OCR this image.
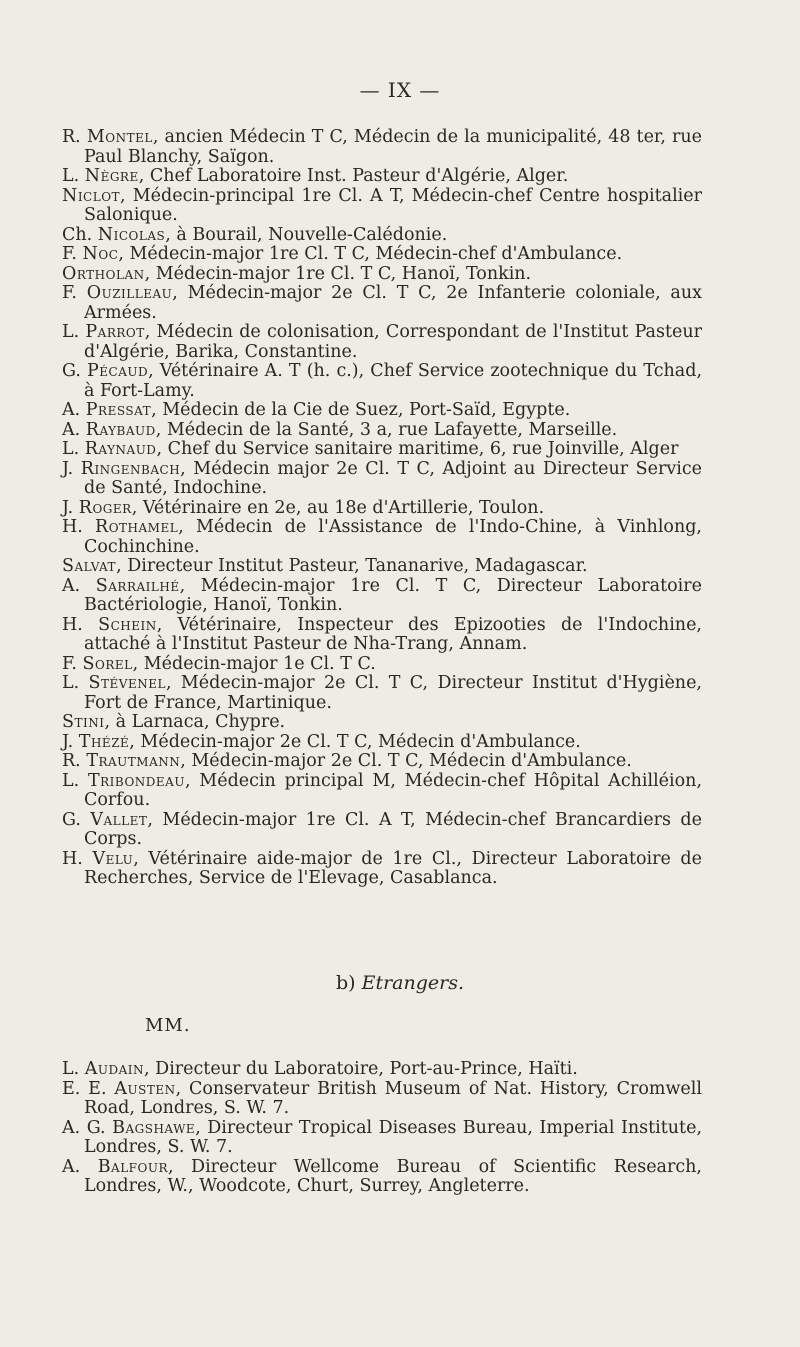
— IX —

R. Montel, ancien Médecin T C, Médecin de la municipalité, 48 ter, rue Paul Blanchy, Saïgon.

L. Nègre, Chef Laboratoire Inst. Pasteur d'Algérie, Alger.

Niclot, Médecin-principal 1re Cl. A T, Médecin-chef Centre hospitalier Salonique.

Ch. Nicolas, à Bourail, Nouvelle-Calédonie.

F. Noc, Médecin-major 1re Cl. T C, Médecin-chef d'Ambulance.

Ortholan, Médecin-major 1re Cl. T C, Hanoï, Tonkin.

F. Ouzilleau, Médecin-major 2e Cl. T C, 2e Infanterie coloniale, aux Armées.

L. Parrot, Médecin de colonisation, Correspondant de l'Institut Pasteur d'Algérie, Barika, Constantine.

G. Pécaud, Vétérinaire A. T (h. c.), Chef Service zootechnique du Tchad, à Fort-Lamy.

A. Pressat, Médecin de la Cie de Suez, Port-Saïd, Egypte.

A. Raybaud, Médecin de la Santé, 3 a, rue Lafayette, Marseille.

L. Raynaud, Chef du Service sanitaire maritime, 6, rue Joinville, Alger

J. Ringenbach, Médecin major 2e Cl. T C, Adjoint au Directeur Service de Santé, Indochine.

J. Roger, Vétérinaire en 2e, au 18e d'Artillerie, Toulon.

H. Rothamel, Médecin de l'Assistance de l'Indo-Chine, à Vinhlong, Cochinchine.

Salvat, Directeur Institut Pasteur, Tananarive, Madagascar.

A. Sarrailhé, Médecin-major 1re Cl. T C, Directeur Laboratoire Bactériologie, Hanoï, Tonkin.

H. Schein, Vétérinaire, Inspecteur des Epizooties de l'Indochine, attaché à l'Institut Pasteur de Nha-Trang, Annam.

F. Sorel, Médecin-major 1e Cl. T C.

L. Stévenel, Médecin-major 2e Cl. T C, Directeur Institut d'Hygiène, Fort de France, Martinique.

Stini, à Larnaca, Chypre.

J. Thézé, Médecin-major 2e Cl. T C, Médecin d'Ambulance.

R. Trautmann, Médecin-major 2e Cl. T C, Médecin d'Ambulance.

L. Tribondeau, Médecin principal M, Médecin-chef Hôpital Achilléion, Corfou.

G. Vallet, Médecin-major 1re Cl. A T, Médecin-chef Brancardiers de Corps.

H. Velu, Vétérinaire aide-major de 1re Cl., Directeur Laboratoire de Recherches, Service de l'Elevage, Casablanca.

b) Etrangers.
MM.

L. Audain, Directeur du Laboratoire, Port-au-Prince, Haïti.

E. E. Austen, Conservateur British Museum of Nat. History, Cromwell Road, Londres, S. W. 7.

A. G. Bagshawe, Directeur Tropical Diseases Bureau, Imperial Institute, Londres, S. W. 7.

A. Balfour, Directeur Wellcome Bureau of Scientific Research, Londres, W., Woodcote, Churt, Surrey, Angleterre.
